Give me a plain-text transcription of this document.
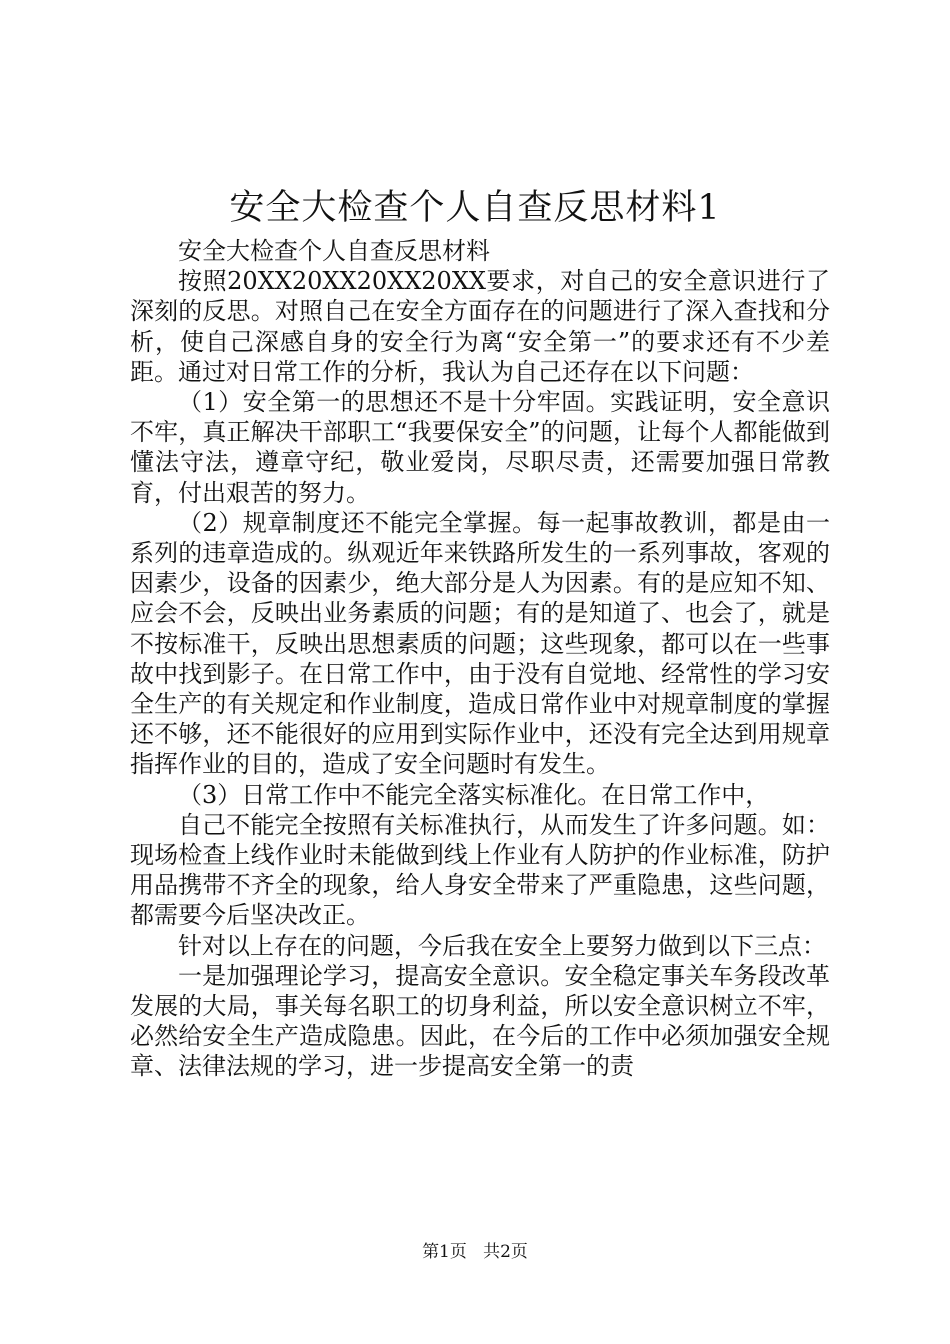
安全大检查个人自查反思材料1

安全大检查个人自查反思材料

按照20XX20XX20XX20XX要求，对自己的安全意识进行了深刻的反思。对照自己在安全方面存在的问题进行了深入查找和分析，使自己深感自身的安全行为离“安全第一”的要求还有不少差距。通过对日常工作的分析，我认为自己还存在以下问题：

（1）安全第一的思想还不是十分牢固。实践证明，安全意识不牢，真正解决干部职工“我要保安全”的问题，让每个人都能做到懂法守法，遵章守纪，敬业爱岗，尽职尽责，还需要加强日常教育，付出艰苦的努力。

（2）规章制度还不能完全掌握。每一起事故教训，都是由一系列的违章造成的。纵观近年来铁路所发生的一系列事故，客观的因素少，设备的因素少，绝大部分是人为因素。有的是应知不知、应会不会，反映出业务素质的问题；有的是知道了、也会了，就是不按标准干，反映出思想素质的问题；这些现象，都可以在一些事故中找到影子。在日常工作中，由于没有自觉地、经常性的学习安全生产的有关规定和作业制度，造成日常作业中对规章制度的掌握还不够，还不能很好的应用到实际作业中，还没有完全达到用规章指挥作业的目的，造成了安全问题时有发生。

（3）日常工作中不能完全落实标准化。在日常工作中，

自己不能完全按照有关标准执行，从而发生了许多问题。如：现场检查上线作业时未能做到线上作业有人防护的作业标准，防护用品携带不齐全的现象，给人身安全带来了严重隐患，这些问题，都需要今后坚决改正。

针对以上存在的问题，今后我在安全上要努力做到以下三点：

一是加强理论学习，提高安全意识。安全稳定事关车务段改革发展的大局，事关每名职工的切身利益，所以安全意识树立不牢，必然给安全生产造成隐患。因此，在今后的工作中必须加强安全规章、法律法规的学习，进一步提高安全第一的责

第1页 共2页
